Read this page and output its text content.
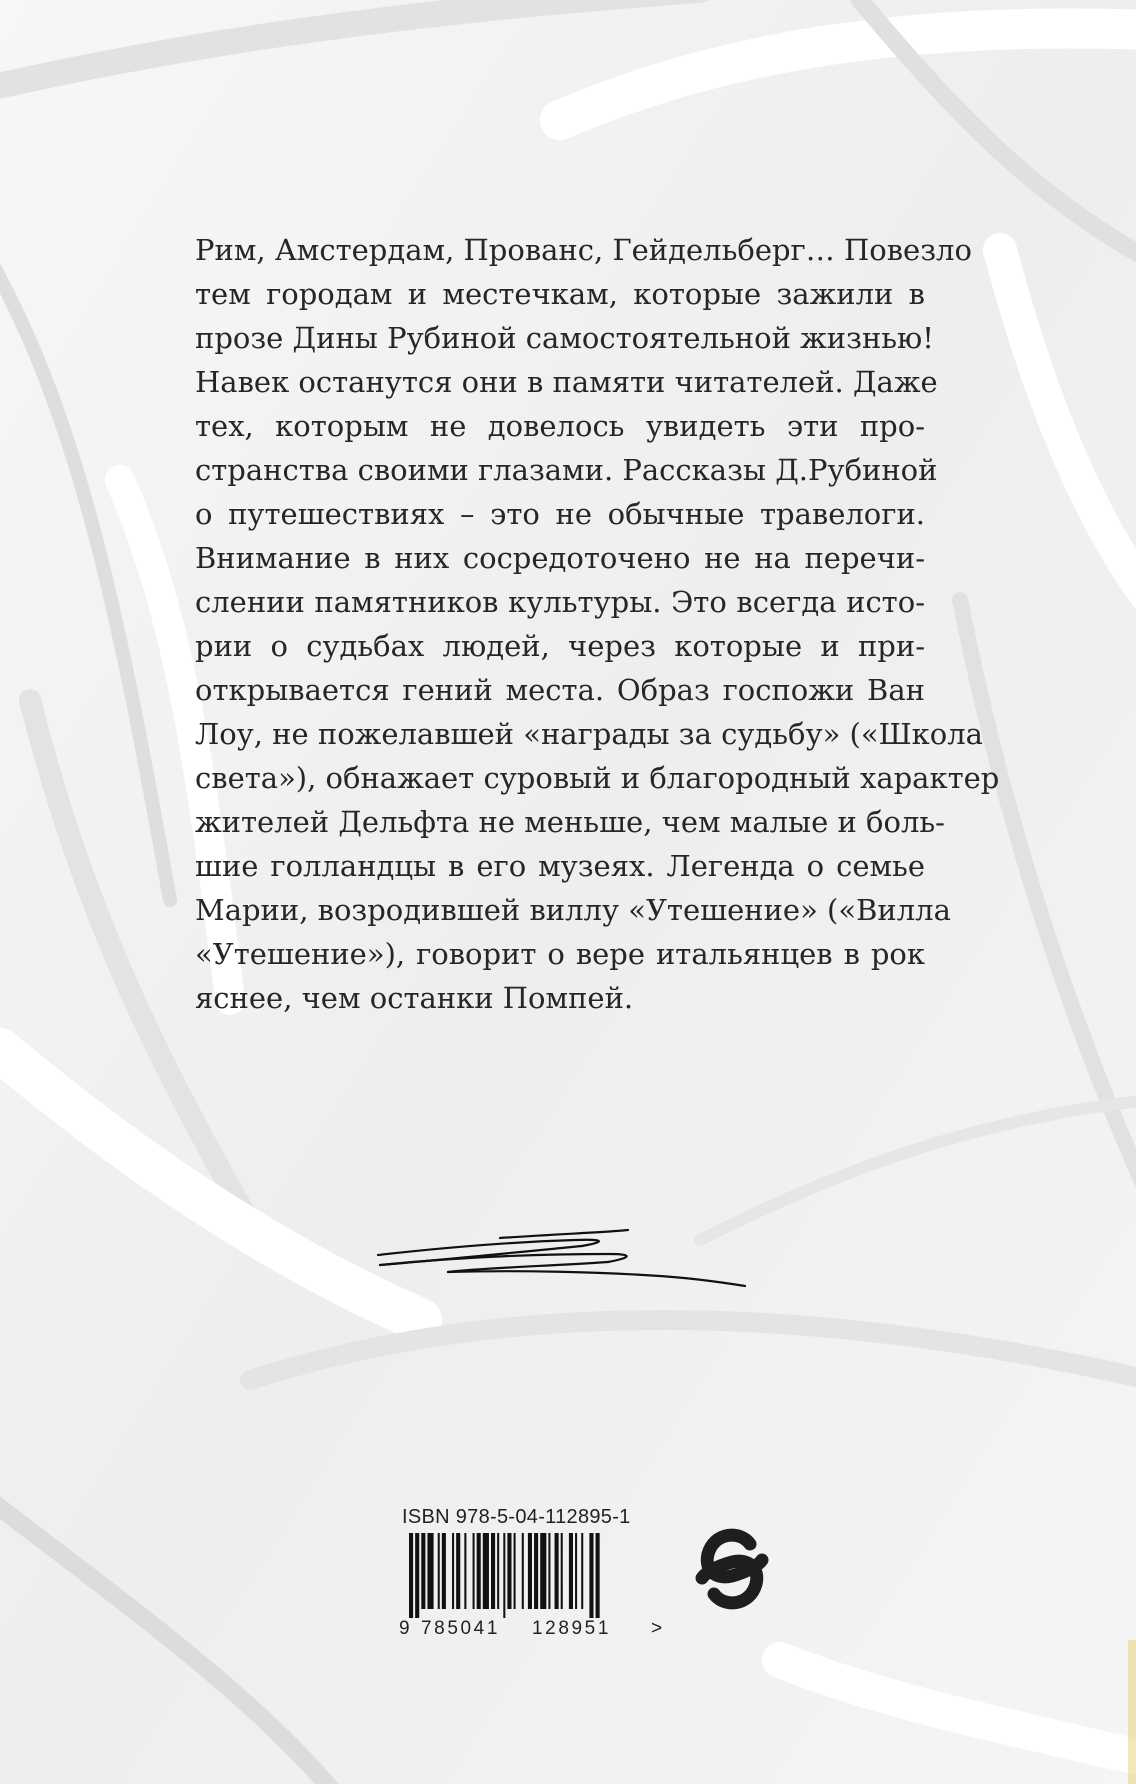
Рим, Амстердам, Прованс, Гейдельберг… Повезло
тем городам и местечкам, которые зажили в
прозе Дины Рубиной самостоятельной жизнью!
Навек останутся они в памяти читателей. Даже
тех, которым не довелось увидеть эти про-
странства своими глазами. Рассказы Д.Рубиной
о путешествиях – это не обычные травелоги.
Внимание в них сосредоточено не на перечи-
слении памятников культуры. Это всегда исто-
рии о судьбах людей, через которые и при-
открывается гений места. Образ госпожи Ван
Лоу, не пожелавшей «награды за судьбу» («Школа
света»), обнажает суровый и благородный характер
жителей Дельфта не меньше, чем малые и боль-
шие голландцы в его музеях. Легенда о семье
Марии, возродившей виллу «Утешение» («Вилла
«Утешение»), говорит о вере итальянцев в рок
яснее, чем останки Помпей.
ISBN 978-5-04-112895-1
9 785041 128951 >
